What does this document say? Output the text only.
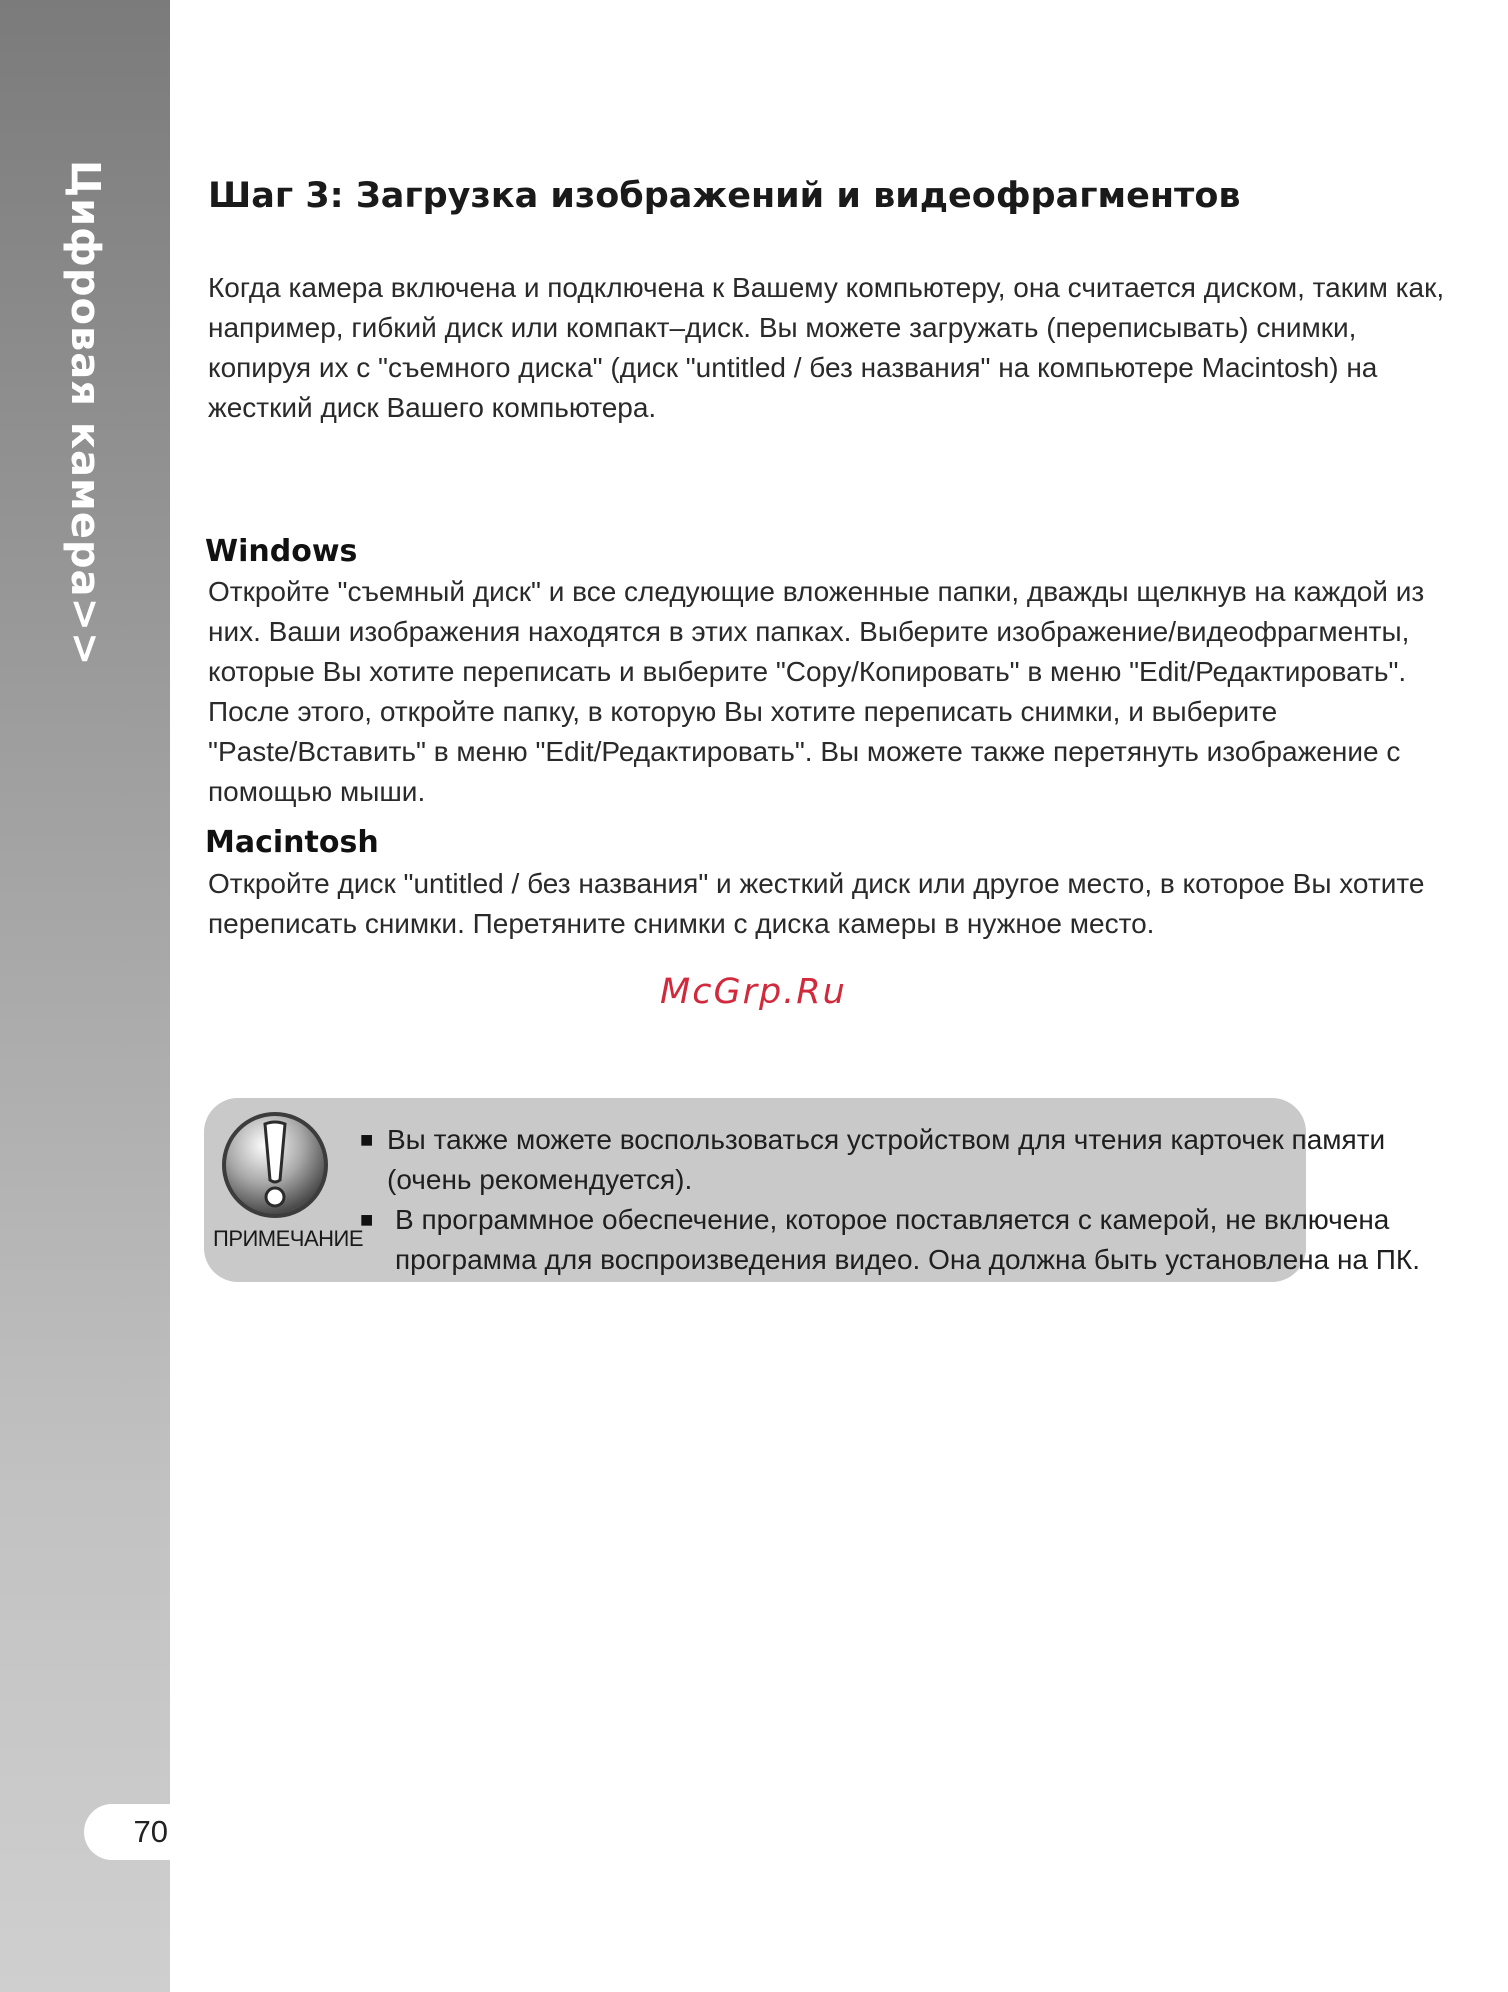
Цифровая камера>>
70
Шаг 3: Загрузка изображений и видеофрагментов

Когда камера включена и подключена к Вашему компьютеру, она считается диском, таким как,
например, гибкий диск или компакт–диск. Вы можете загружать (переписывать) снимки,
копируя их с "съемного диска" (диск "untitled / без названия" на компьютере Macintosh) на
жесткий диск Вашего компьютера.

Windows

Откройте "съемный диск" и все следующие вложенные папки, дважды щелкнув на каждой из
них. Ваши изображения находятся в этих папках. Выберите изображение/видеофрагменты,
которые Вы хотите переписать и выберите "Copy/Копировать" в меню "Edit/Редактировать".
После этого, откройте папку, в которую Вы хотите переписать снимки, и выберите
"Paste/Вставить" в меню "Edit/Редактировать". Вы можете также перетянуть изображение с
помощью мыши.

Macintosh

Откройте диск "untitled / без названия" и жесткий диск или другое место, в которое Вы хотите
переписать снимки. Перетяните снимки с диска камеры в нужное место.

McGrp.Ru
ПРИМЕЧАНИЕ
■ Вы также можете воспользоваться устройством для чтения карточек памяти
(очень рекомендуется).
■ В программное обеспечение, которое поставляется с камерой, не включена
программа для воспроизведения видео. Она должна быть установлена на ПК.
